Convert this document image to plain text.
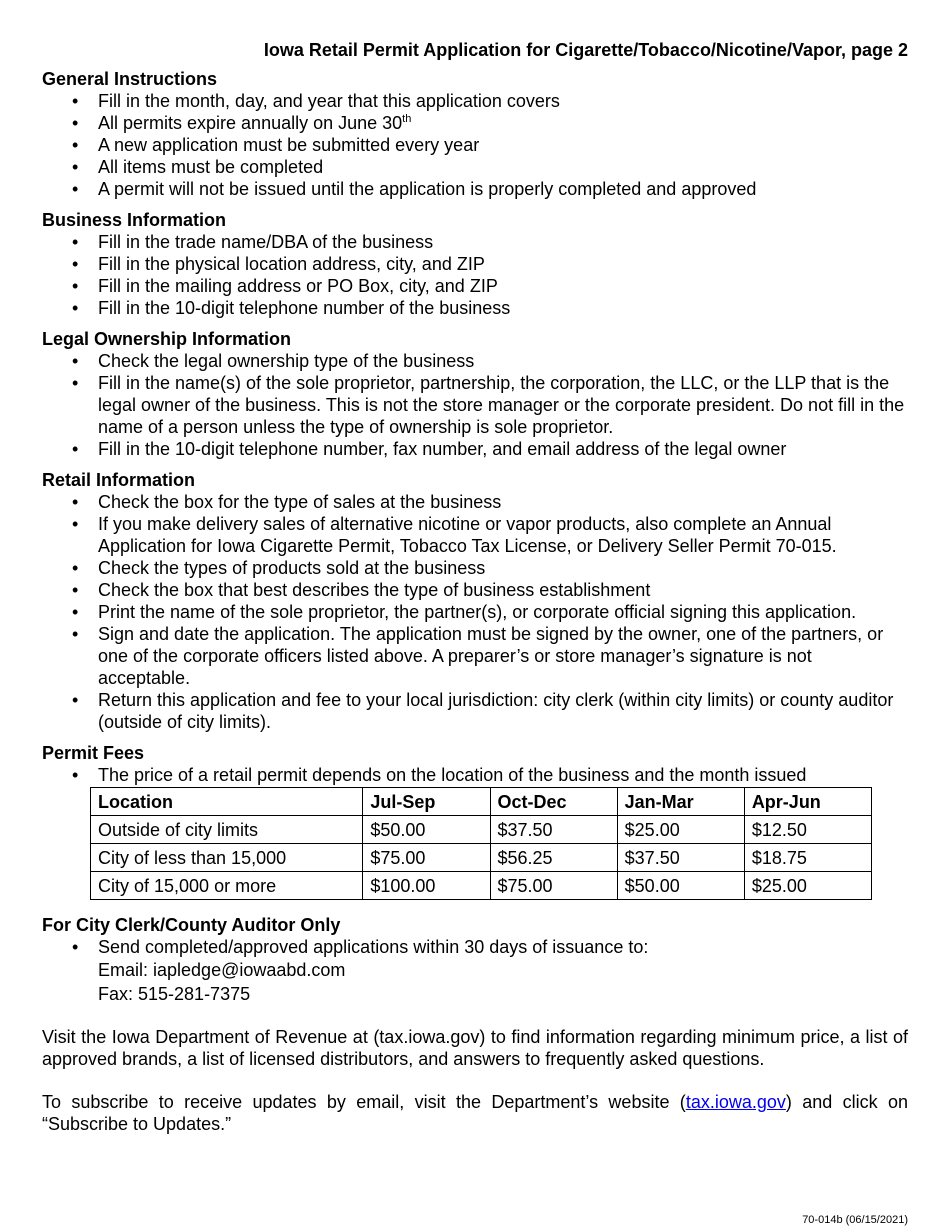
Iowa Retail Permit Application for Cigarette/Tobacco/Nicotine/Vapor, page 2

General Instructions

• Fill in the month, day, and year that this application covers
• All permits expire annually on June 30th
• A new application must be submitted every year
• All items must be completed
• A permit will not be issued until the application is properly completed and approved

Business Information

• Fill in the trade name/DBA of the business
• Fill in the physical location address, city, and ZIP
• Fill in the mailing address or PO Box, city, and ZIP
• Fill in the 10-digit telephone number of the business

Legal Ownership Information

• Check the legal ownership type of the business
• Fill in the name(s) of the sole proprietor, partnership, the corporation, the LLC, or the LLP that is the legal owner of the business. This is not the store manager or the corporate president. Do not fill in the name of a person unless the type of ownership is sole proprietor.
• Fill in the 10-digit telephone number, fax number, and email address of the legal owner

Retail Information

• Check the box for the type of sales at the business
• If you make delivery sales of alternative nicotine or vapor products, also complete an Annual Application for Iowa Cigarette Permit, Tobacco Tax License, or Delivery Seller Permit 70-015.
• Check the types of products sold at the business
• Check the box that best describes the type of business establishment
• Print the name of the sole proprietor, the partner(s), or corporate official signing this application.
• Sign and date the application. The application must be signed by the owner, one of the partners, or one of the corporate officers listed above. A preparer’s or store manager’s signature is not acceptable.
• Return this application and fee to your local jurisdiction: city clerk (within city limits) or county auditor (outside of city limits).

Permit Fees

• The price of a retail permit depends on the location of the business and the month issued
Location	Jul-Sep	Oct-Dec	Jan-Mar	Apr-Jun
Outside of city limits	$50.00	$37.50	$25.00	$12.50
City of less than 15,000	$75.00	$56.25	$37.50	$18.75
City of 15,000 or more	$100.00	$75.00	$50.00	$25.00

For City Clerk/County Auditor Only

• Send completed/approved applications within 30 days of issuance to:
Email: iapledge@iowaabd.com
Fax: 515-281-7375

Visit the Iowa Department of Revenue at (tax.iowa.gov) to find information regarding minimum price, a list of approved brands, a list of licensed distributors, and answers to frequently asked questions.

To subscribe to receive updates by email, visit the Department’s website (tax.iowa.gov) and click on “Subscribe to Updates.”

70-014b (06/15/2021)
